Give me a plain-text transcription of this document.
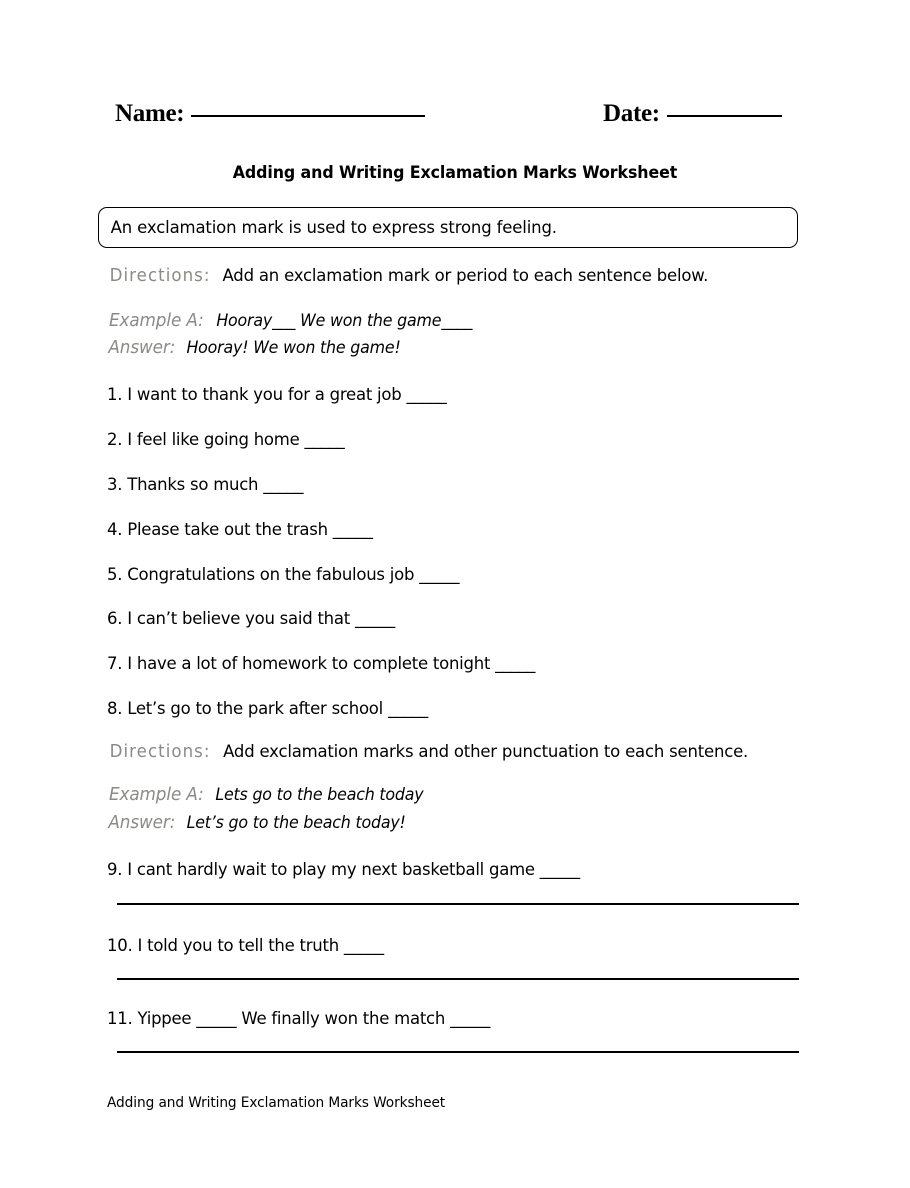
Name:	Date:
Adding and Writing Exclamation Marks Worksheet
An exclamation mark is used to express strong feeling.
Directions: Add an exclamation mark or period to each sentence below.
Example A: Hooray___ We won the game____
Answer: Hooray! We won the game!
1. I want to thank you for a great job _____
2. I feel like going home _____
3. Thanks so much _____
4. Please take out the trash _____
5. Congratulations on the fabulous job _____
6. I can’t believe you said that _____
7. I have a lot of homework to complete tonight _____
8. Let’s go to the park after school _____
Directions: Add exclamation marks and other punctuation to each sentence.
Example A: Lets go to the beach today
Answer: Let’s go to the beach today!
9. I cant hardly wait to play my next basketball game _____
10. I told you to tell the truth _____
11. Yippee _____ We finally won the match _____
Adding and Writing Exclamation Marks Worksheet
